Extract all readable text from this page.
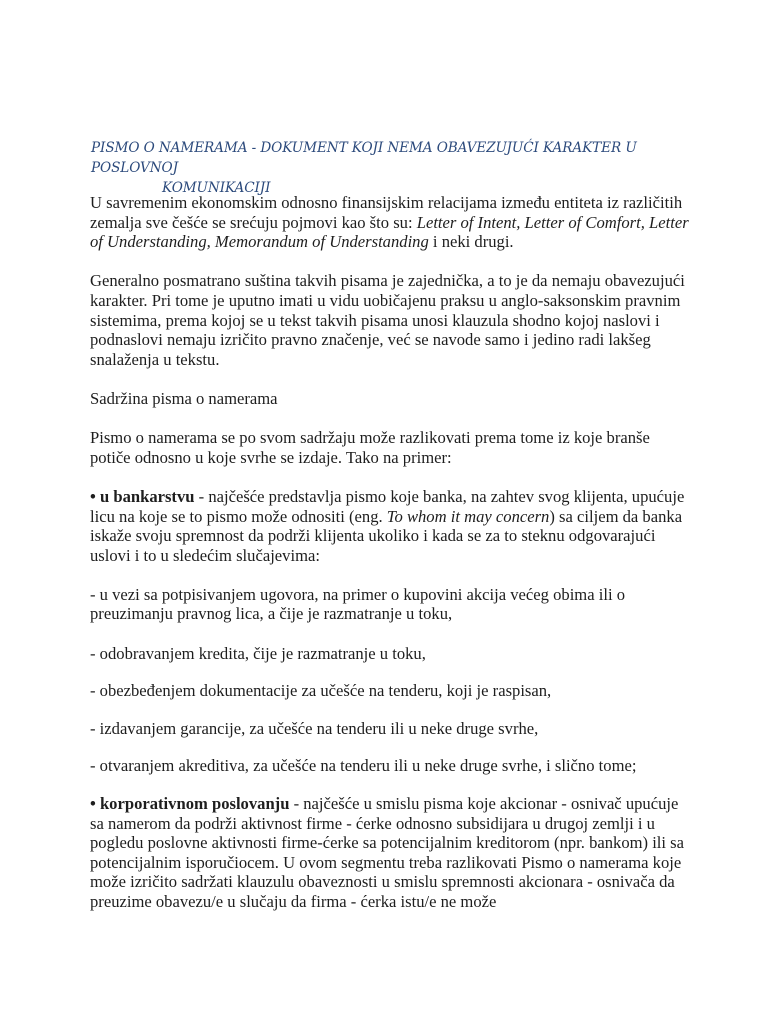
PISMO O NAMERAMA - DOKUMENT KOJI NEMA OBAVEZUJUĆI KARAKTER U POSLOVNOJ
KOMUNIKACIJI

U savremenim ekonomskim odnosno finansijskim relacijama između entiteta iz različitih zemalja sve češće se srećuju pojmovi kao što su: Letter of Intent, Letter of Comfort, Letter of Understanding, Memorandum of Understanding i neki drugi.

Generalno posmatrano suština takvih pisama je zajednička, a to je da nemaju obavezujući karakter. Pri tome je uputno imati u vidu uobičajenu praksu u anglo-saksonskim pravnim sistemima, prema kojoj se u tekst takvih pisama unosi klauzula shodno kojoj naslovi i podnaslovi nemaju izričito pravno značenje, već se navode samo i jedino radi lakšeg snalaženja u tekstu.

Sadržina pisma o namerama

Pismo o namerama se po svom sadržaju može razlikovati prema tome iz koje branše potiče odnosno u koje svrhe se izdaje. Tako na primer:

• u bankarstvu - najčešće predstavlja pismo koje banka, na zahtev svog klijenta, upućuje licu na koje se to pismo može odnositi (eng. To whom it may concern) sa ciljem da banka iskaže svoju spremnost da podrži klijenta ukoliko i kada se za to steknu odgovarajući uslovi i to u sledećim slučajevima:

- u vezi sa potpisivanjem ugovora, na primer o kupovini akcija većeg obima ili o preuzimanju pravnog lica, a čije je razmatranje u toku,

- odobravanjem kredita, čije je razmatranje u toku,

- obezbeđenjem dokumentacije za učešće na tenderu, koji je raspisan,

- izdavanjem garancije, za učešće na tenderu ili u neke druge svrhe,

- otvaranjem akreditiva, za učešće na tenderu ili u neke druge svrhe, i slično tome;

• korporativnom poslovanju - najčešće u smislu pisma koje akcionar - osnivač upućuje sa namerom da podrži aktivnost firme - ćerke odnosno subsidijara u drugoj zemlji i u pogledu poslovne aktivnosti firme-ćerke sa potencijalnim kreditorom (npr. bankom) ili sa potencijalnim isporučiocem. U ovom segmentu treba razlikovati Pismo o namerama koje može izričito sadržati klauzulu obaveznosti u smislu spremnosti akcionara - osnivača da preuzime obavezu/e u slučaju da firma - ćerka istu/e ne može
